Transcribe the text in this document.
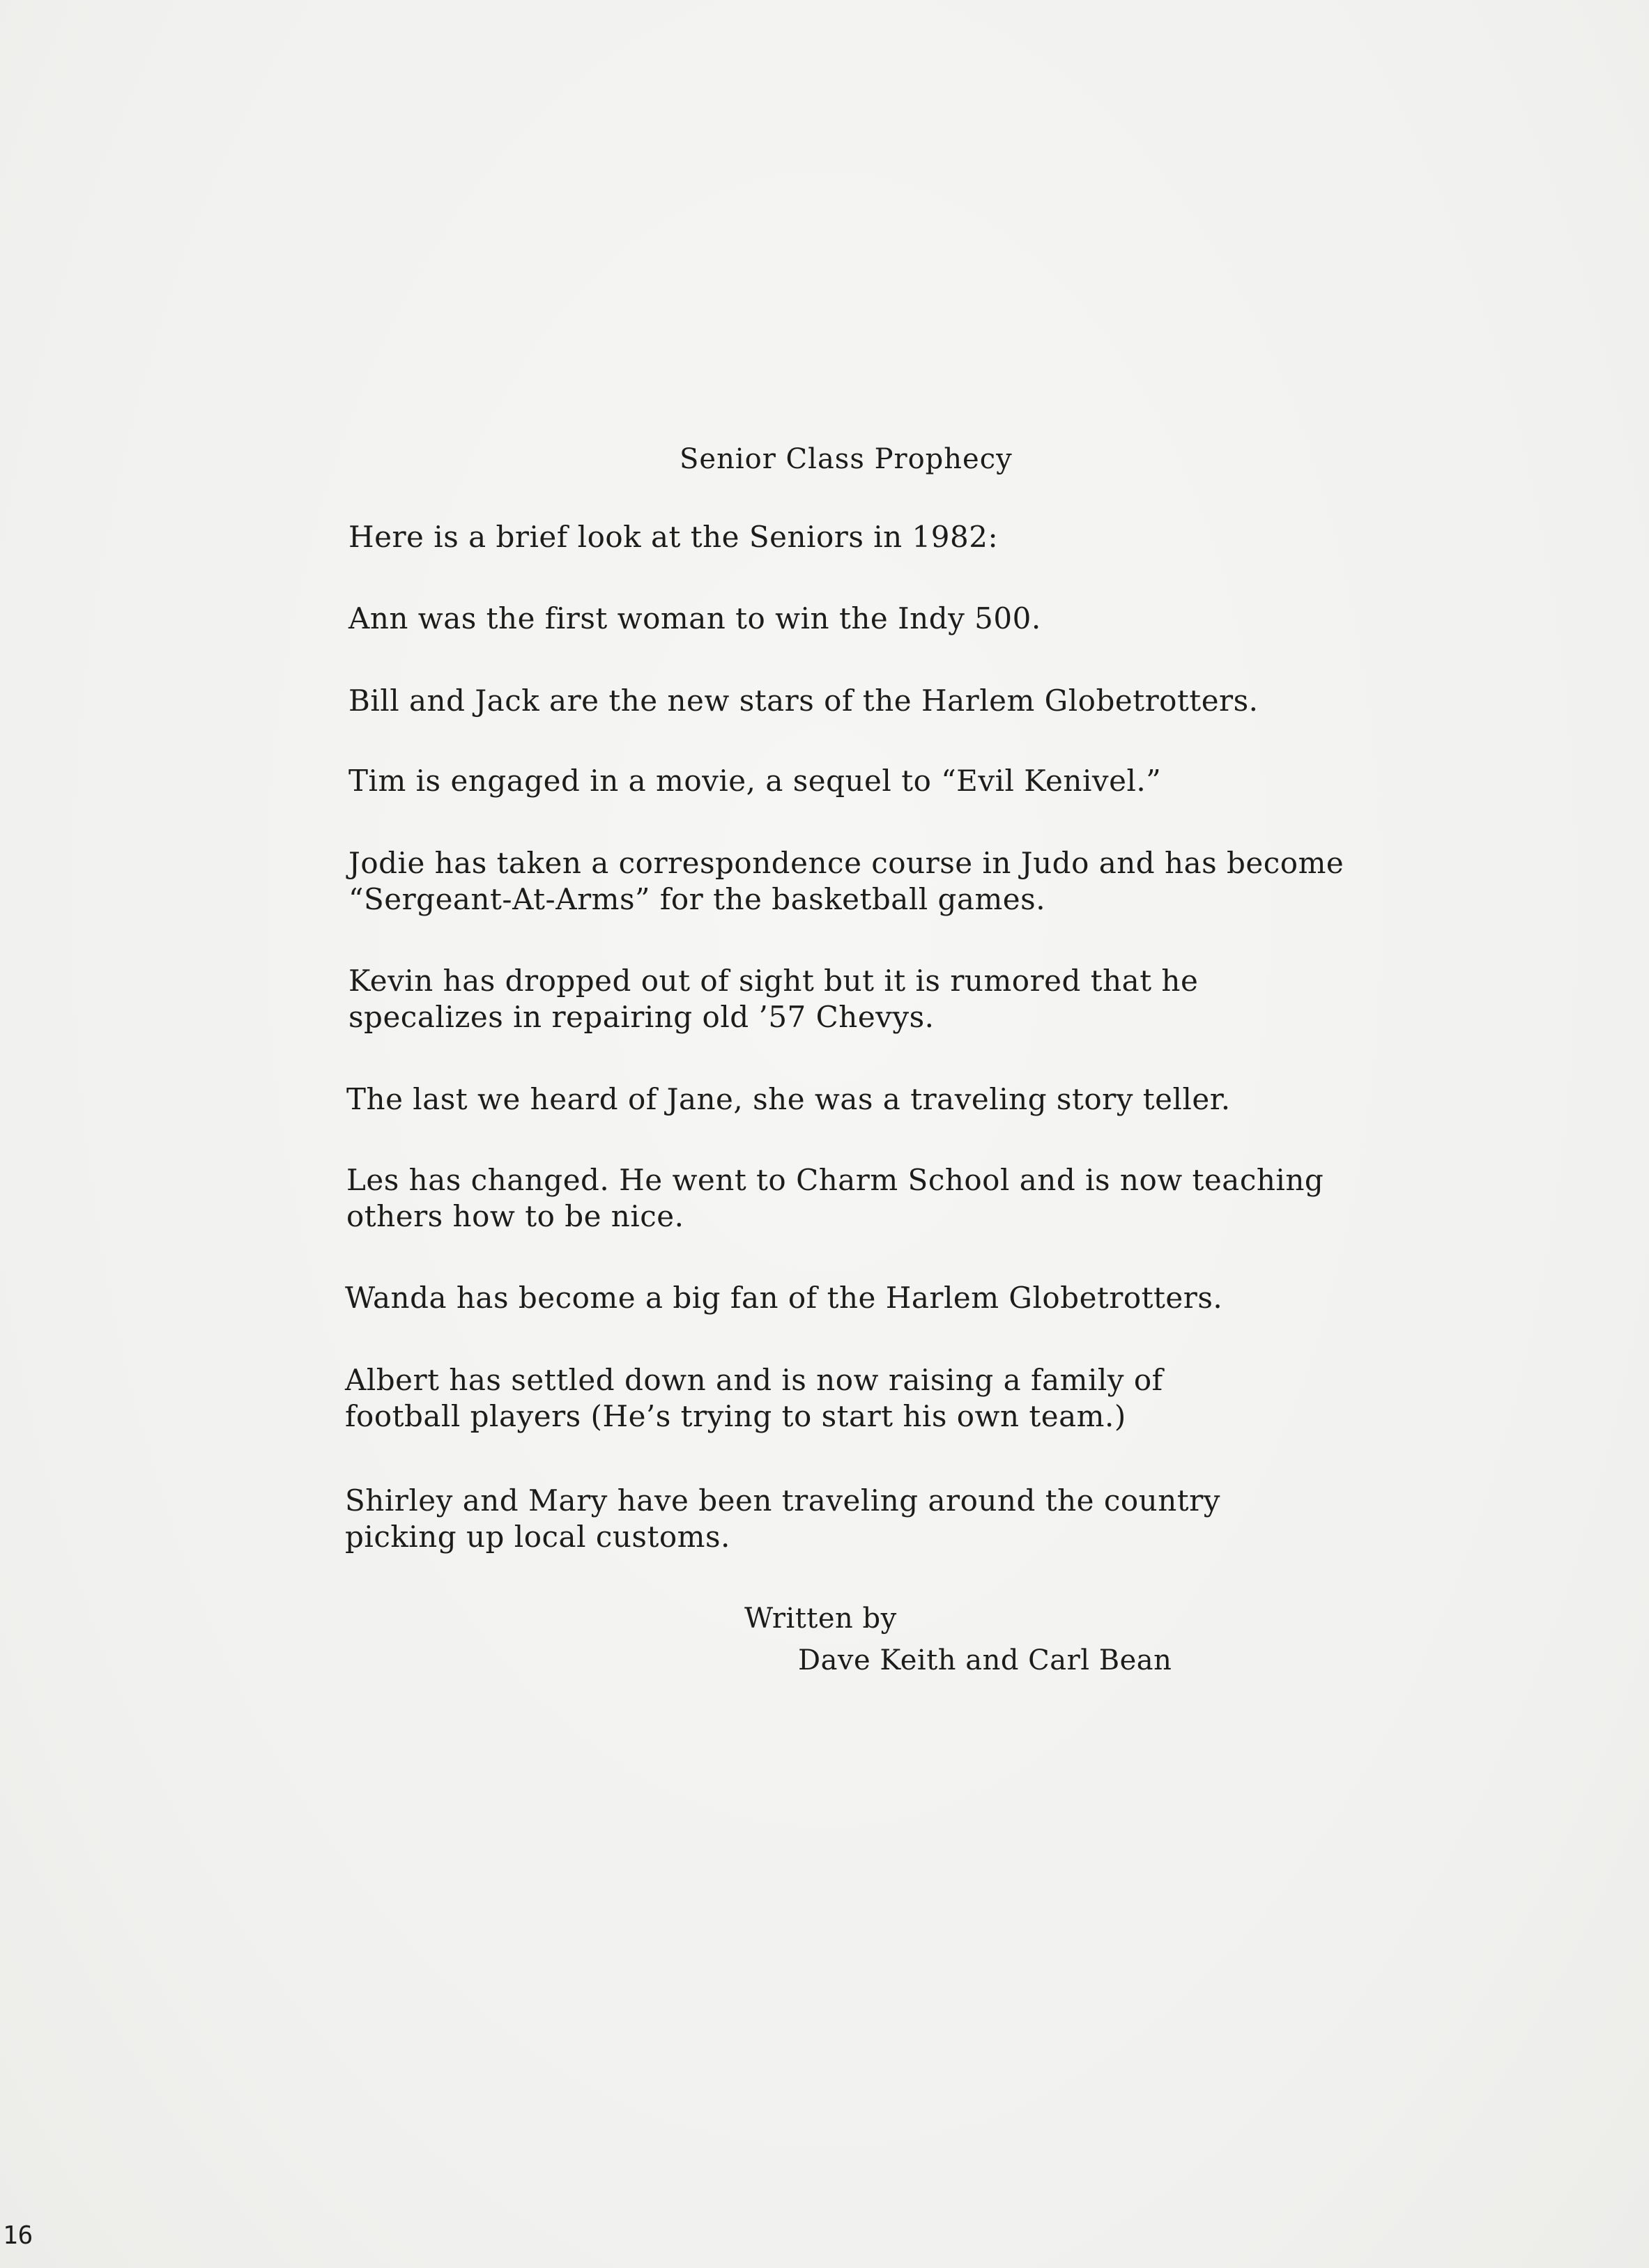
Senior Class Prophecy
Here is a brief look at the Seniors in 1982:
Ann was the first woman to win the Indy 500.
Bill and Jack are the new stars of the Harlem Globetrotters.
Tim is engaged in a movie, a sequel to “Evil Kenivel.”
Jodie has taken a correspondence course in Judo and has become
“Sergeant-At-Arms” for the basketball games.
Kevin has dropped out of sight but it is rumored that he
specalizes in repairing old ’57 Chevys.
The last we heard of Jane, she was a traveling story teller.
Les has changed. He went to Charm School and is now teaching
others how to be nice.
Wanda has become a big fan of the Harlem Globetrotters.
Albert has settled down and is now raising a family of
football players (He’s trying to start his own team.)
Shirley and Mary have been traveling around the country
picking up local customs.
Written by
Dave Keith and Carl Bean
16
